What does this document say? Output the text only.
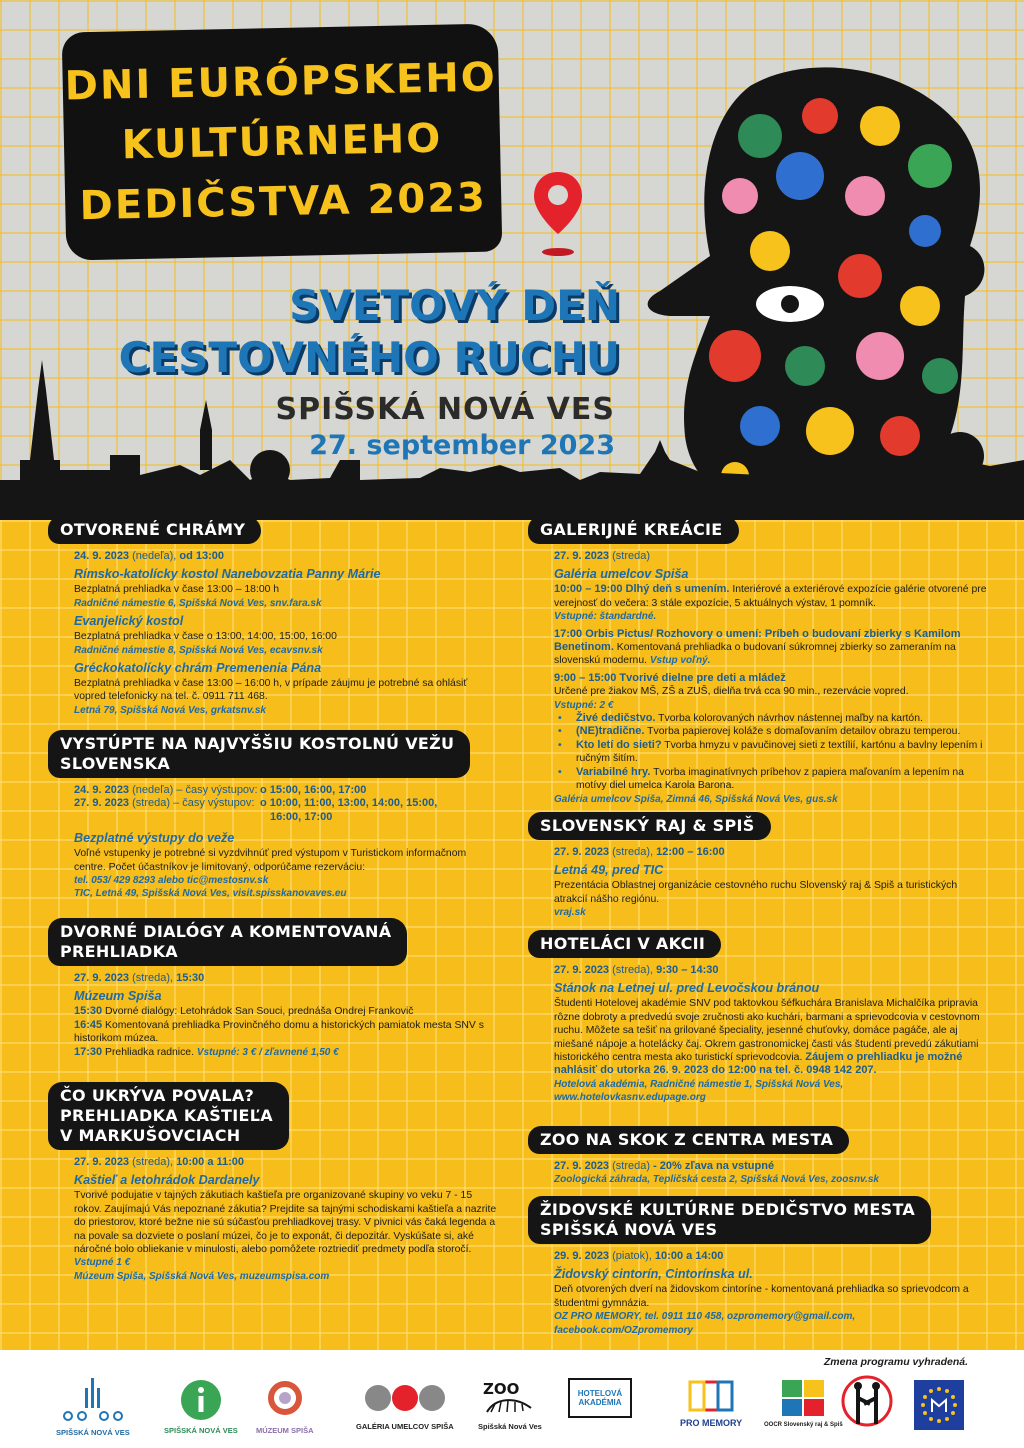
DNI EURÓPSKEHO
KULTÚRNEHO
DEDIČSTVA 2023
SVETOVÝ DEŇ
CESTOVNÉHO RUCHU
SPIŠSKÁ NOVÁ VES
27. september 2023
OTVORENÉ CHRÁMY
24. 9. 2023 (nedeľa), od 13:00
Rímsko-katolícky kostol Nanebovzatia Panny Márie
Bezplatná prehliadka v čase 13:00 – 18:00 h
Radničné námestie 6, Spišská Nová Ves, snv.fara.sk
Evanjelický kostol
Bezplatná prehliadka v čase o 13:00, 14:00, 15:00, 16:00
Radničné námestie 8, Spišská Nová Ves, ecavsnv.sk
Gréckokatolícky chrám Premenenia Pána
Bezplatná prehliadka v čase 13:00 – 16:00 h, v prípade záujmu je potrebné sa ohlásiť vopred telefonicky na tel. č. 0911 711 468.
Letná 79, Spišská Nová Ves, grkatsnv.sk
VYSTÚPTE NA NAJVYŠŠIU KOSTOLNÚ VEŽU
SLOVENSKA
24. 9. 2023 (nedeľa) – časy výstupov: o 15:00, 16:00, 17:00
27. 9. 2023 (streda) – časy výstupov: o 10:00, 11:00, 13:00, 14:00, 15:00,
16:00, 17:00
Bezplatné výstupy do veže
Voľné vstupenky je potrebné si vyzdvihnúť pred výstupom v Turistickom informačnom centre. Počet účastníkov je limitovaný, odporúčame rezerváciu:
tel. 053/ 429 8293 alebo tic@mestosnv.sk
TIC, Letná 49, Spišská Nová Ves, visit.spisskanovaves.eu
DVORNÉ DIALÓGY A KOMENTOVANÁ
PREHLIADKA
27. 9. 2023 (streda), 15:30
Múzeum Spiša
15:30 Dvorné dialógy: Letohrádok San Souci, prednáša Ondrej Frankovič
16:45 Komentovaná prehliadka Provinčného domu a historických pamiatok mesta SNV s historikom múzea.
17:30 Prehliadka radnice. Vstupné: 3 € / zľavnené 1,50 €
ČO UKRÝVA POVALA?
PREHLIADKA KAŠTIEĽA
V MARKUŠOVCIACH
27. 9. 2023 (streda), 10:00 a 11:00
Kaštieľ a letohrádok Dardanely
Tvorivé podujatie v tajných zákutiach kaštieľa pre organizované skupiny vo veku 7 - 15 rokov. Zaujímajú Vás nepoznané zákutia? Prejdite sa tajnými schodiskami kaštieľa a nazrite do priestorov, ktoré bežne nie sú súčasťou prehliadkovej trasy. V pivnici vás čaká legenda a na povale sa dozviete o poslaní múzei, čo je to exponát, či depozitár. Vyskúšate si, aké náročné bolo obliekanie v minulosti, alebo pomôžete roztriediť predmety podľa storočí. Vstupné 1 €
Múzeum Spiša, Spišská Nová Ves, muzeumspisa.com
GALERIJNÉ KREÁCIE
27. 9. 2023 (streda)
Galéria umelcov Spiša
10:00 – 19:00 Dlhý deň s umením. Interiérové a exteriérové expozície galérie otvorené pre verejnosť do večera: 3 stále expozície, 5 aktuálnych výstav, 1 pomník.
Vstupné: štandardné.
17:00 Orbis Pictus/ Rozhovory o umení: Príbeh o budovaní zbierky s Kamilom Benetinom. Komentovaná prehliadka o budovaní súkromnej zbierky so zameraním na slovenskú modernu. Vstup voľný.
9:00 – 15:00 Tvorivé dielne pre deti a mládež
Určené pre žiakov MŠ, ZŠ a ZUŠ, dielňa trvá cca 90 min., rezervácie vopred.
Vstupné: 2 €
• Živé dedičstvo. Tvorba kolorovaných návrhov nástennej maľby na kartón.
• (NE)tradične. Tvorba papierovej koláže s domaľovaním detailov obrazu temperou.
• Kto letí do sieti? Tvorba hmyzu v pavučinovej sieti z textílií, kartónu a bavlny lepením i ručným šitím.
• Variabilné hry. Tvorba imaginatívnych príbehov z papiera maľovaním a lepením na motívy diel umelca Karola Barona.
Galéria umelcov Spiša, Zimná 46, Spišská Nová Ves, gus.sk
SLOVENSKÝ RAJ & SPIŠ
27. 9. 2023 (streda), 12:00 – 16:00
Letná 49, pred TIC
Prezentácia Oblastnej organizácie cestovného ruchu Slovenský raj & Spiš a turistických atrakcií nášho regiónu.
vraj.sk
HOTELÁCI V AKCII
27. 9. 2023 (streda), 9:30 – 14:30
Stánok na Letnej ul. pred Levočskou bránou
Študenti Hotelovej akadémie SNV pod taktovkou šéfkuchára Branislava Michalčíka pripravia rôzne dobroty a predvedú svoje zručnosti ako kuchári, barmani a sprievodcovia v cestovnom ruchu. Môžete sa tešiť na grilované špeciality, jesenné chuťovky, domáce pagáče, ale aj miešané nápoje a hotelácky čaj. Okrem gastronomickej časti vás študenti prevedú zákutiami historického centra mesta ako turistickí sprievodcovia. Záujem o prehliadku je možné nahlásiť do utorka 26. 9. 2023 do 12:00 na tel. č. 0948 142 207.
Hotelová akadémia, Radničné námestie 1, Spišská Nová Ves,
www.hotelovkasnv.edupage.org
ZOO NA SKOK Z CENTRA MESTA
27. 9. 2023 (streda) - 20% zľava na vstupné
Zoologická záhrada, Tepličská cesta 2, Spišská Nová Ves, zoosnv.sk
ŽIDOVSKÉ KULTÚRNE DEDIČSTVO MESTA
SPIŠSKÁ NOVÁ VES
29. 9. 2023 (piatok), 10:00 a 14:00
Židovský cintorín, Cintorínska ul.
Deň otvorených dverí na židovskom cintoríne - komentovaná prehliadka so sprievodcom a študentmi gymnázia.
OZ PRO MEMORY, tel. 0911 110 458, ozpromemory@gmail.com,
facebook.com/OZpromemory
Zmena programu vyhradená.
SPIŠSKÁ NOVÁ VES	SPIŠSKÁ NOVÁ VES MÚZEUM SPIŠA	GALÉRIA UMELCOV SPIŠA
ZOO
Spišská Nová Ves
HOTELOVÁ AKADÉMIA
PRO MEMORY	OOCR Slovenský raj & Spiš
